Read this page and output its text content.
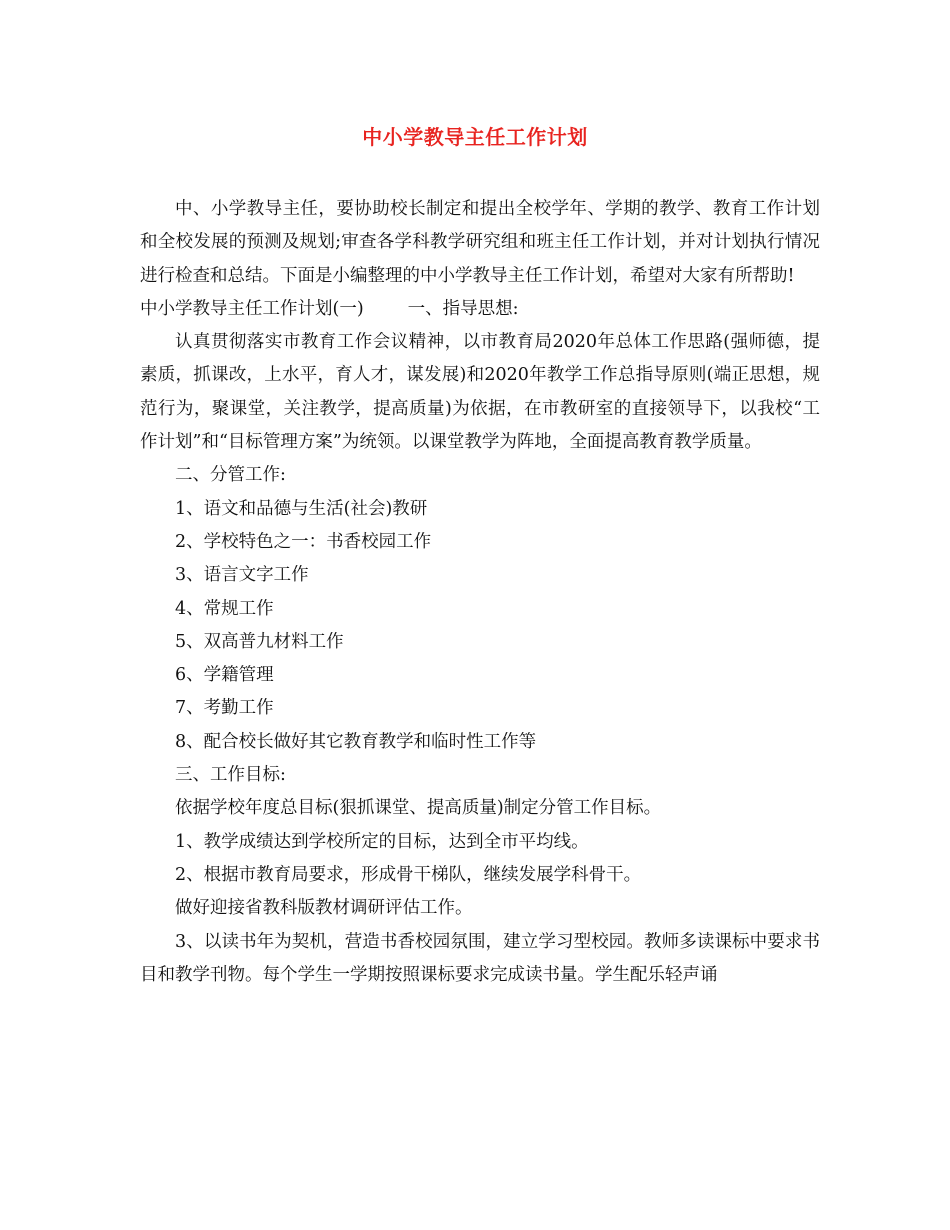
中小学教导主任工作计划

中、小学教导主任，要协助校长制定和提出全校学年、学期的教学、教育工作计划和全校发展的预测及规划;审查各学科教学研究组和班主任工作计划，并对计划执行情况进行检查和总结。下面是小编整理的中小学教导主任工作计划，希望对大家有所帮助!

中小学教导主任工作计划(一)	一、指导思想:

认真贯彻落实市教育工作会议精神，以市教育局2020年总体工作思路(强师德，提素质，抓课改，上水平，育人才，谋发展)和2020年教学工作总指导原则(端正思想，规范行为，聚课堂，关注教学，提高质量)为依据，在市教研室的直接领导下，以我校“工作计划”和“目标管理方案”为统领。以课堂教学为阵地，全面提高教育教学质量。

二、分管工作:

1、语文和品德与生活(社会)教研

2、学校特色之一：书香校园工作

3、语言文字工作

4、常规工作

5、双高普九材料工作

6、学籍管理

7、考勤工作

8、配合校长做好其它教育教学和临时性工作等

三、工作目标:

依据学校年度总目标(狠抓课堂、提高质量)制定分管工作目标。

1、教学成绩达到学校所定的目标，达到全市平均线。

2、根据市教育局要求，形成骨干梯队，继续发展学科骨干。

做好迎接省教科版教材调研评估工作。

3、以读书年为契机，营造书香校园氛围，建立学习型校园。教师多读课标中要求书目和教学刊物。每个学生一学期按照课标要求完成读书量。学生配乐轻声诵
